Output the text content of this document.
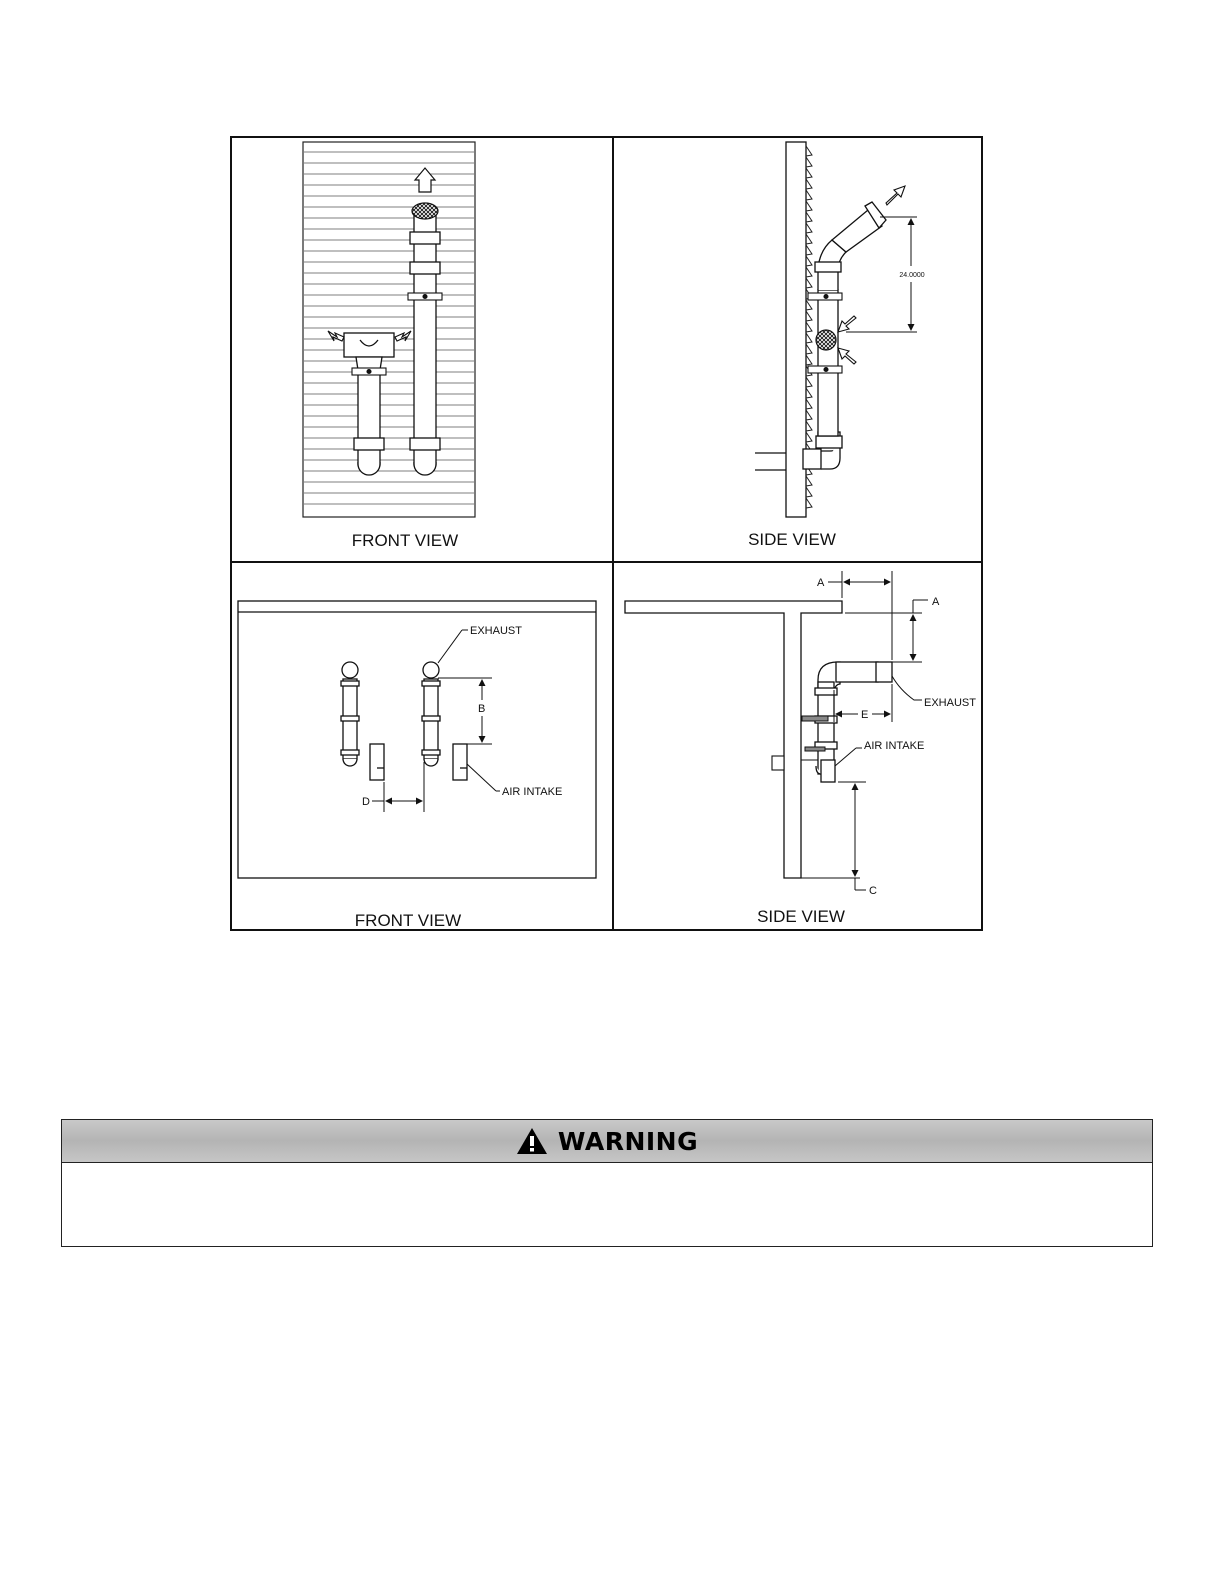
FRONT VIEW
24.0000
SIDE VIEW
EXHAUST
B
D
AIR INTAKE
FRONT VIEW
A
A
EXHAUST
E
AIR INTAKE
C
SIDE VIEW
WARNING
